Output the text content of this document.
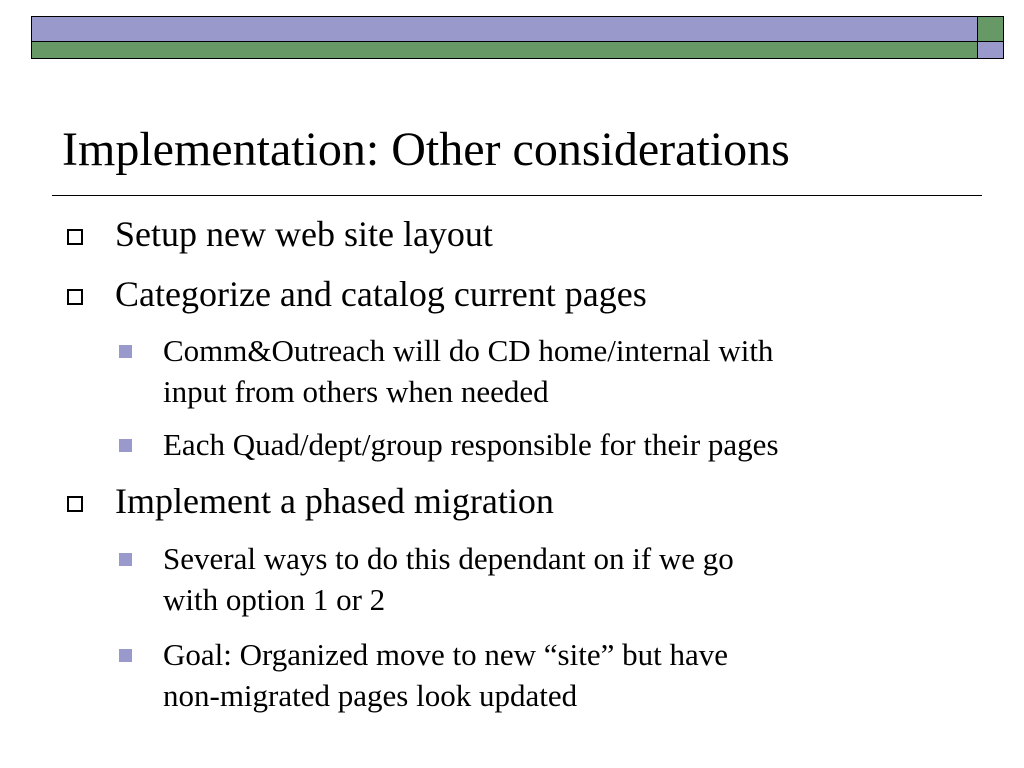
Implementation: Other considerations
Setup new web site layout
Categorize and catalog current pages
Comm&Outreach will do CD home/internal with
input from others when needed
Each Quad/dept/group responsible for their pages
Implement a phased migration
Several ways to do this dependant on if we go
with option 1 or 2
Goal: Organized move to new “site” but have
non-migrated pages look updated
